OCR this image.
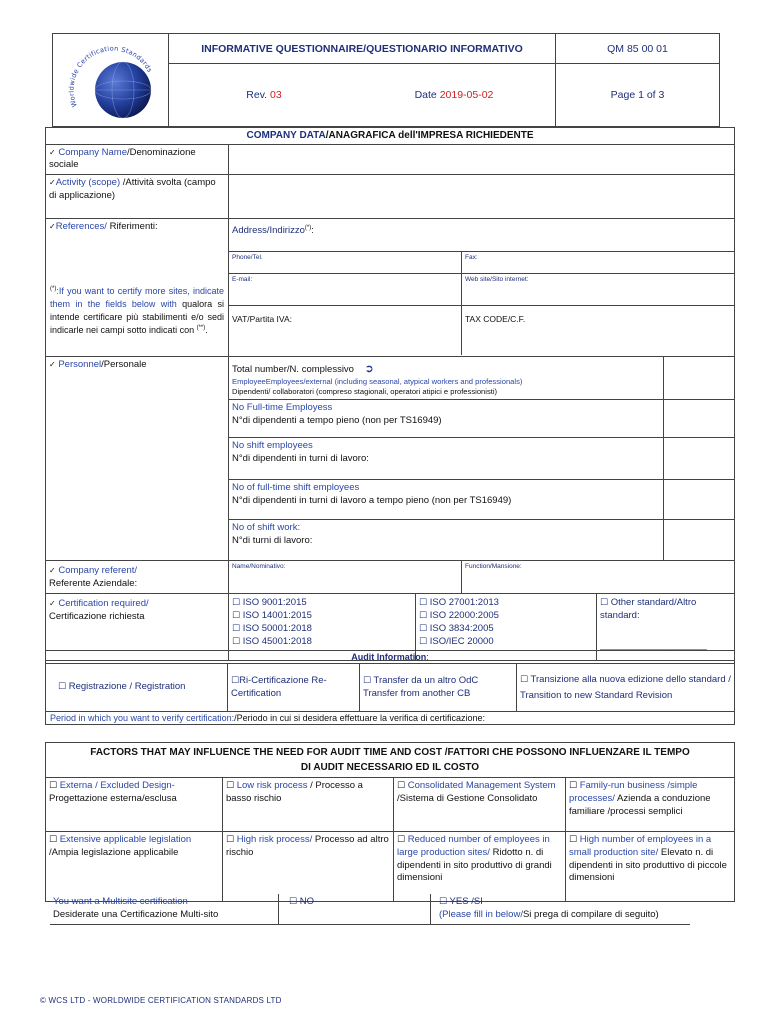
Worldwide Certification Standards	INFORMATIVE QUESTIONNAIRE/QUESTIONARIO INFORMATIVO	QM 85 00 01

	Rev. 03 Date 2019-05-02	Page 1 of 3
COMPANY DATA/ANAGRAFICA dell'IMPRESA RICHIEDENTE
✓ Company Name/Denominazione sociale	
✓Activity (scope) /Attività svolta (campo di applicazione)	

✓References/ Riferimenti:
(*):If you want to certify more sites, indicate them in the fields below with qualora si intende certificare più stabilimenti e/o sedi indicarle nei campi sotto indicati con (**).

Address/Indirizzo(*):
Phone/Tel.	Fax:
E-mail:	Web site/Sito internet:
VAT/Partita IVA:	TAX CODE/C.F.

✓ Personnel/Personale		Total number/N. complessivo ➲
EmployeeEmployees/external (including seasonal, atypical workers and professionals)
Dipendenti/ collaboratori (compreso stagionali, operatori atipici e professionisti)

No Full-time Employess
N°di dipendenti a tempo pieno (non per TS16949)

No shift employees
N°di dipendenti in turni di lavoro:

No of full-time shift employees
N°di dipendenti in turni di lavoro a tempo pieno (non per TS16949)

No of shift work:
N°di turni di lavoro:

✓ Company referent/
Referente Aziendale:

Name/Nominativo:	Function/Mansione:

✓ Certification required/
Certificazione richiesta

☐ ISO 9001:2015
☐ ISO 14001:2015
☐ ISO 50001:2018
☐ ISO 45001:2018

☐ ISO 27001:2013
☐ ISO 22000:2005
☐ ISO 3834:2005
☐ ISO/IEC 20000

☐ Other standard/Altro standard:
________________________
Audit Information:
☐ Registrazione / Registration	☐Ri-Certificazione Re-Certification	☐ Transfer da un altro OdC Transfer from another CB	☐ Transizione alla nuova edizione dello standard / Transition to new Standard Revision
Period in which you want to verify certification:/Periodo in cui si desidera effettuare la verifica di certificazione:
FACTORS THAT MAY INFLUENCE THE NEED FOR AUDIT TIME AND COST /FATTORI CHE POSSONO INFLUENZARE IL TEMPO DI AUDIT NECESSARIO ED IL COSTO			
☐ Externa / Excluded Design-
Progettazione esterna/esclusa	☐ Low risk process / Processo a basso rischio	☐ Consolidated Management System /Sistema di Gestione Consolidato	☐ Family-run business /simple processes/ Azienda a conduzione familiare /processi semplici
☐ Extensive applicable legislation /Ampia legislazione applicabile	☐ High risk process/ Processo ad altro rischio	☐ Reduced number of employees in large production sites/ Ridotto n. di dipendenti in sito produttivo di grandi dimensioni	☐ High number of employees in a small production site/ Elevato n. di dipendenti in sito produttivo di piccole dimensioni
You want a Multisite certification
Desiderate una Certificazione Multi-sito
	☐ NO	☐ YES /SI
(Please fill in below/Si prega di compilare di seguito)
© WCS LTD - WORLDWIDE CERTIFICATION STANDARDS LTD
